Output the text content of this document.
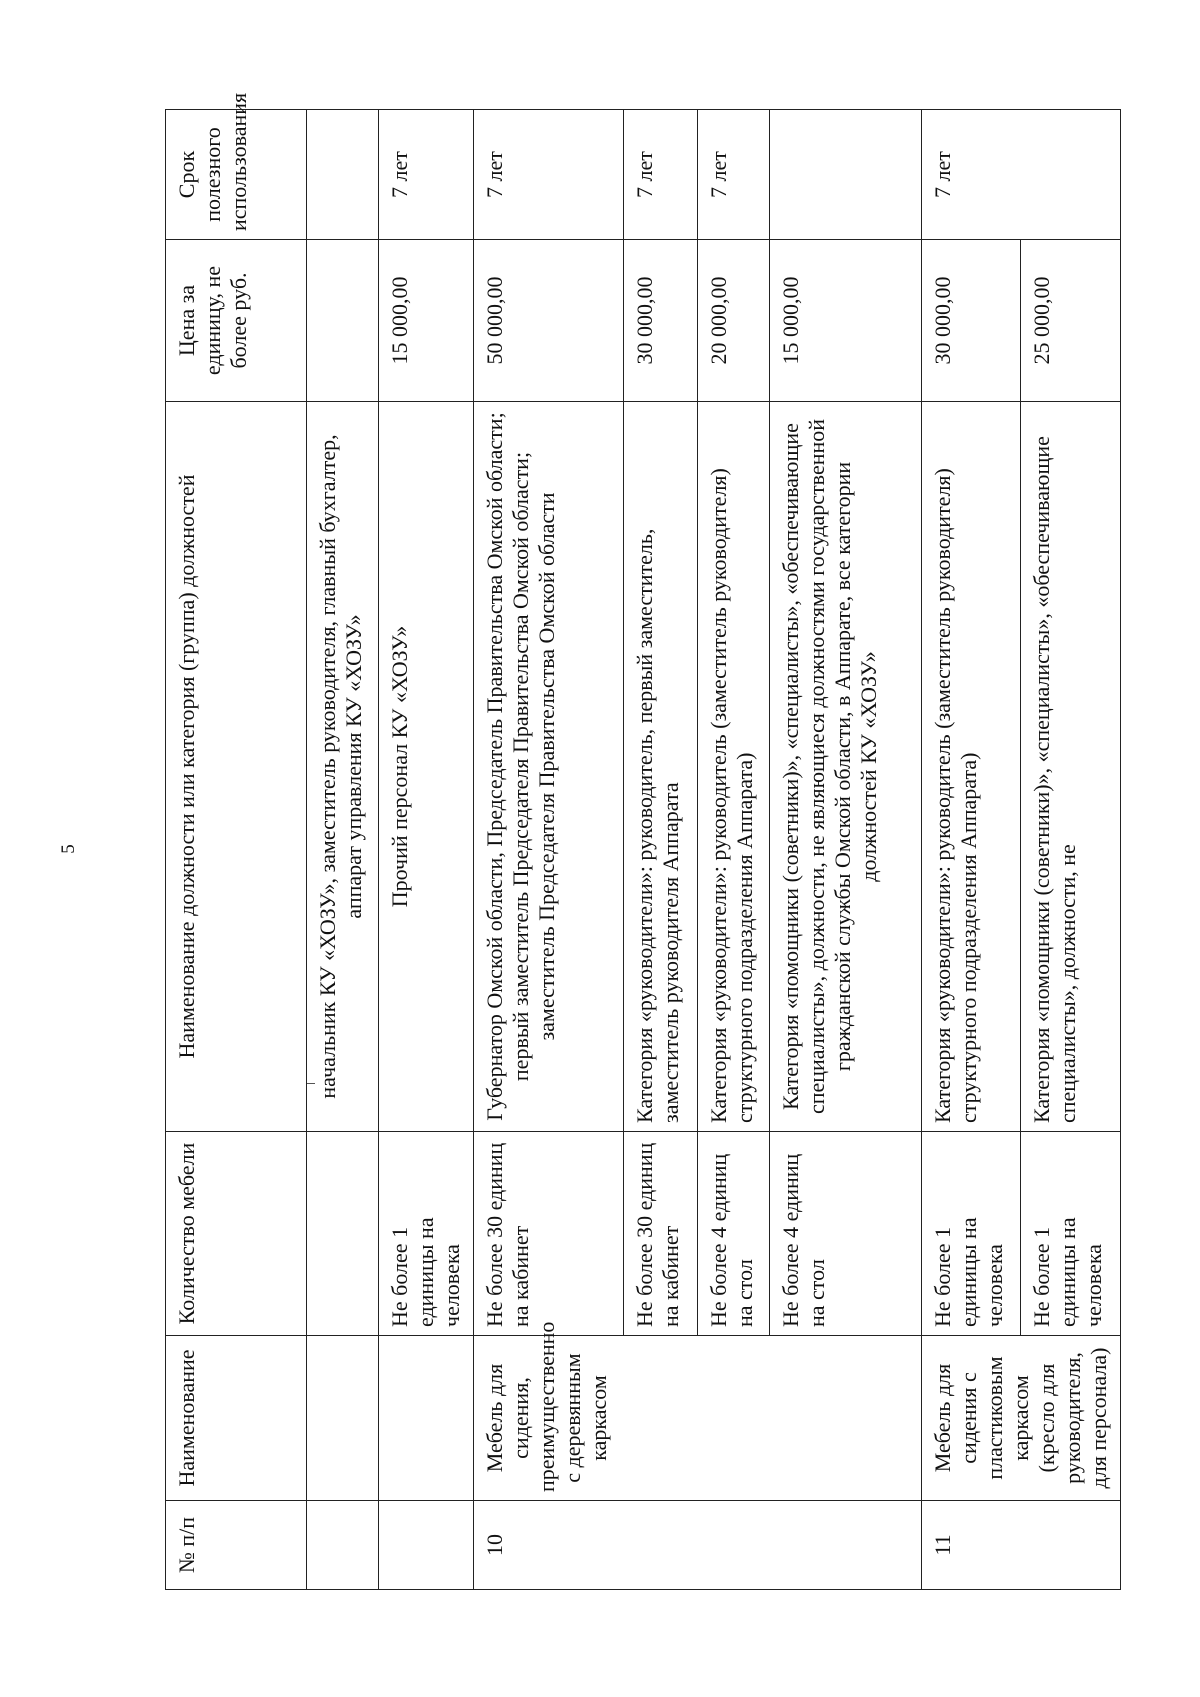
5
№ п/п	Наименование	Количество мебели	Наименование должности или категория (группа) должностей	Цена за единицу, не более руб.	Срок полезного использования
			начальник КУ «ХОЗУ», заместитель руководителя, главный бухгалтер, аппарат управления КУ «ХОЗУ»		
		Не более 1 единицы на человека	Прочий персонал КУ «ХОЗУ»	15 000,00	7 лет
10	Мебель для сидения, преимущественно с деревянным каркасом	Не более 30 единиц на кабинет	Губернатор Омской области, Председатель Правительства Омской области; первый заместитель Председателя Правительства Омской области; заместитель Председателя Правительства Омской области	50 000,00	7 лет
		Не более 30 единиц на кабинет	Категория «руководители»: руководитель, первый заместитель, заместитель руководителя Аппарата	30 000,00	7 лет
		Не более 4 единиц на стол	Категория «руководители»: руководитель (заместитель руководителя) структурного подразделения Аппарата)	20 000,00	7 лет
		Не более 4 единиц на стол	Категория «помощники (советники)», «специалисты», «обеспечивающие специалисты», должности, не являющиеся должностями государственной гражданской службы Омской области, в Аппарате, все категории должностей КУ «ХОЗУ»	15 000,00	
11	Мебель для сидения с пластиковым каркасом (кресло для руководителя, для персонала)	Не более 1 единицы на человека	Категория «руководители»: руководитель (заместитель руководителя) структурного подразделения Аппарата)	30 000,00	7 лет
		Не более 1 единицы на человека	Категория «помощники (советники)», «специалисты», «обеспечивающие специалисты», должности, не	25 000,00	
